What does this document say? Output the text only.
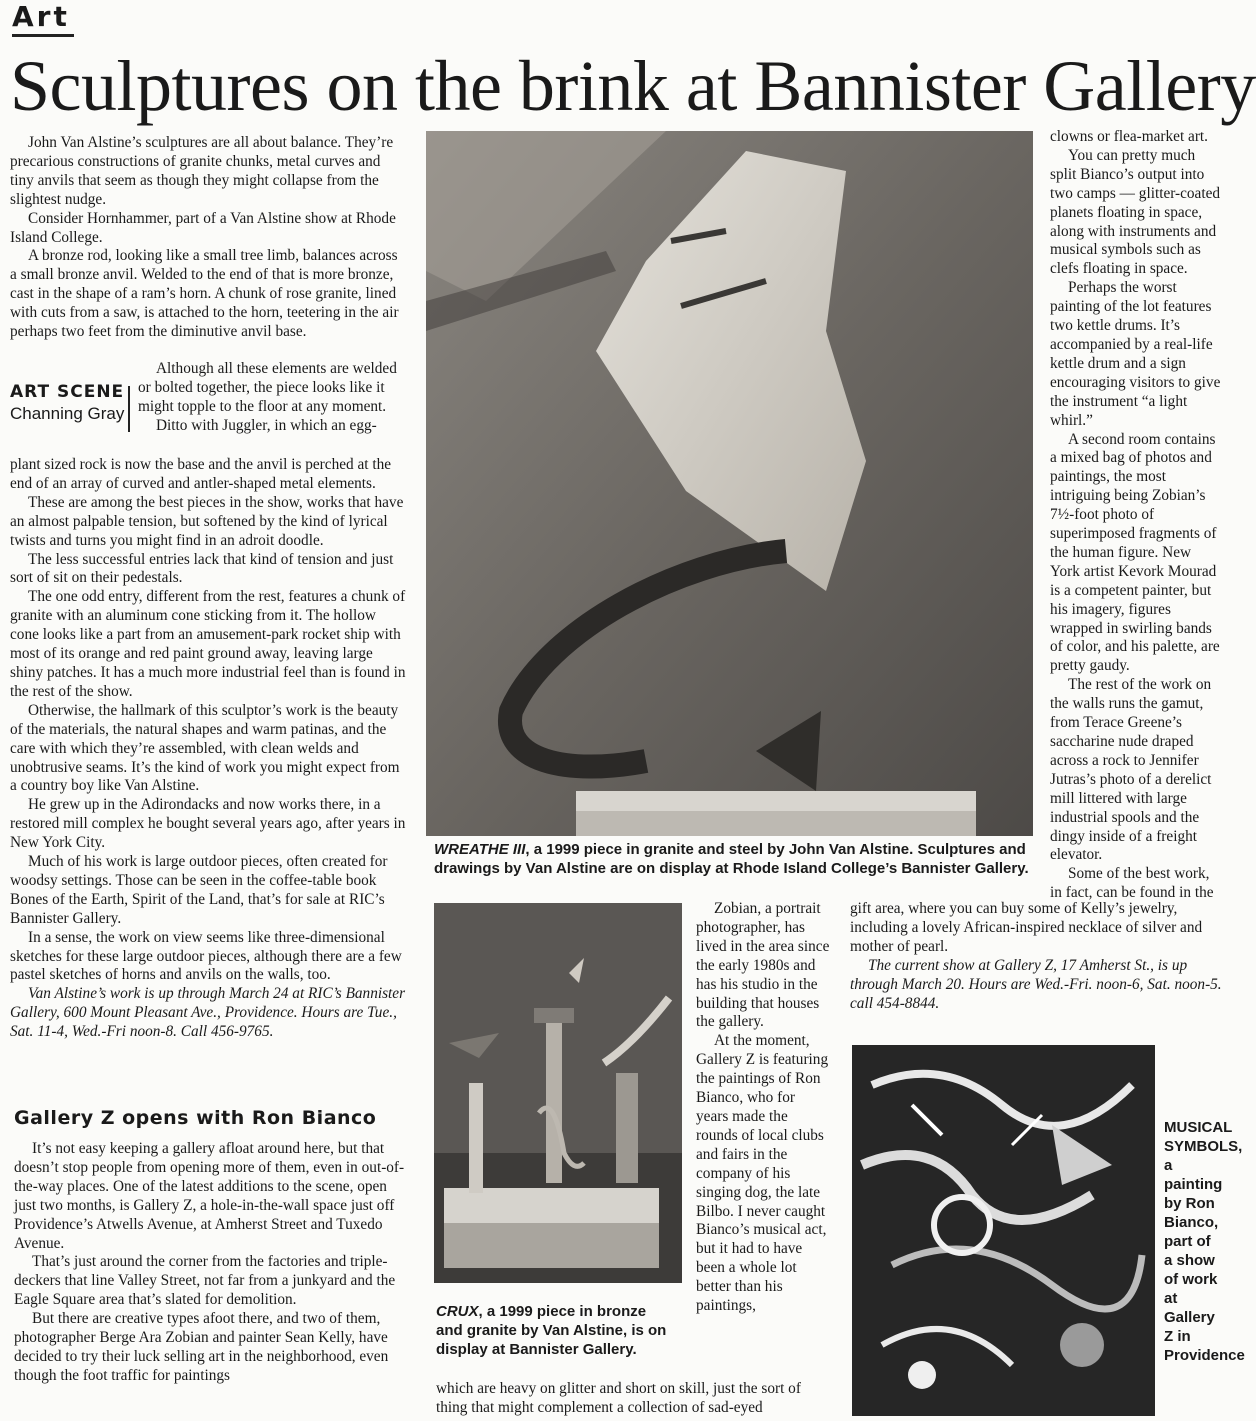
Art
Sculptures on the brink at Bannister Gallery

John Van Alstine’s sculptures are all about balance. They’re precarious constructions of granite chunks, metal curves and tiny anvils that seem as though they might collapse from the slightest nudge.

Consider Hornhammer, part of a Van Alstine show at Rhode Island College.

A bronze rod, looking like a small tree limb, balances across a small bronze anvil. Welded to the end of that is more bronze, cast in the shape of a ram’s horn. A chunk of rose granite, lined with cuts from a saw, is attached to the horn, teetering in the air perhaps two feet from the diminutive anvil base.

ART SCENE
Channing Gray

Although all these elements are welded or bolted together, the piece looks like it might topple to the floor at any moment.

Ditto with Juggler, in which an egg-

plant sized rock is now the base and the anvil is perched at the end of an array of curved and antler-shaped metal elements.

These are among the best pieces in the show, works that have an almost palpable tension, but softened by the kind of lyrical twists and turns you might find in an adroit doodle.

The less successful entries lack that kind of tension and just sort of sit on their pedestals.

The one odd entry, different from the rest, features a chunk of granite with an aluminum cone sticking from it. The hollow cone looks like a part from an amusement-park rocket ship with most of its orange and red paint ground away, leaving large shiny patches. It has a much more industrial feel than is found in the rest of the show.

Otherwise, the hallmark of this sculptor’s work is the beauty of the materials, the natural shapes and warm patinas, and the care with which they’re assembled, with clean welds and unobtrusive seams. It’s the kind of work you might expect from a country boy like Van Alstine.

He grew up in the Adirondacks and now works there, in a restored mill complex he bought several years ago, after years in New York City.

Much of his work is large outdoor pieces, often created for woodsy settings. Those can be seen in the coffee-table book Bones of the Earth, Spirit of the Land, that’s for sale at RIC’s Bannister Gallery.

In a sense, the work on view seems like three-dimensional sketches for these large outdoor pieces, although there are a few pastel sketches of horns and anvils on the walls, too.

Van Alstine’s work is up through March 24 at RIC’s Bannister Gallery, 600 Mount Pleasant Ave., Providence. Hours are Tue., Sat. 11-4, Wed.-Fri noon-8. Call 456-9765.

Gallery Z opens with Ron Bianco

It’s not easy keeping a gallery afloat around here, but that doesn’t stop people from opening more of them, even in out-of-the-way places. One of the latest additions to the scene, open just two months, is Gallery Z, a hole-in-the-wall space just off Providence’s Atwells Avenue, at Amherst Street and Tuxedo Avenue.

That’s just around the corner from the factories and triple-deckers that line Valley Street, not far from a junkyard and the Eagle Square area that’s slated for demolition.

But there are creative types afoot there, and two of them, photographer Berge Ara Zobian and painter Sean Kelly, have decided to try their luck selling art in the neighborhood, even though the foot traffic for paintings

WREATHE III, a 1999 piece in granite and steel by John Van Alstine. Sculptures and drawings by Van Alstine are on display at Rhode Island College’s Bannister Gallery.
CRUX, a 1999 piece in bronze and granite by Van Alstine, is on display at Bannister Gallery.

Zobian, a portrait photographer, has lived in the area since the early 1980s and has his studio in the building that houses the gallery.

At the moment, Gallery Z is featuring the paintings of Ron Bianco, who for years made the rounds of local clubs and fairs in the company of his singing dog, the late Bilbo. I never caught Bianco’s musical act, but it had to have been a whole lot better than his paintings,

which are heavy on glitter and short on skill, just the sort of thing that might complement a collection of sad-eyed

clowns or flea-market art.

You can pretty much split Bianco’s output into two camps — glitter-coated planets floating in space, along with instruments and musical symbols such as clefs floating in space.

Perhaps the worst painting of the lot features two kettle drums. It’s accompanied by a real-life kettle drum and a sign encouraging visitors to give the instrument “a light whirl.”

A second room contains a mixed bag of photos and paintings, the most intriguing being Zobian’s 7½-foot photo of superimposed fragments of the human figure. New York artist Kevork Mourad is a competent painter, but his imagery, figures wrapped in swirling bands of color, and his palette, are pretty gaudy.

The rest of the work on the walls runs the gamut, from Terace Greene’s saccharine nude draped across a rock to Jennifer Jutras’s photo of a derelict mill littered with large industrial spools and the dingy inside of a freight elevator.

Some of the best work, in fact, can be found in the

gift area, where you can buy some of Kelly’s jewelry, including a lovely African-inspired necklace of silver and mother of pearl.

The current show at Gallery Z, 17 Amherst St., is up through March 20. Hours are Wed.-Fri. noon-6, Sat. noon-5. call 454-8844.

MUSICAL SYMBOLS, a painting by Ron Bianco, part of a show of work at Gallery Z in Providence
